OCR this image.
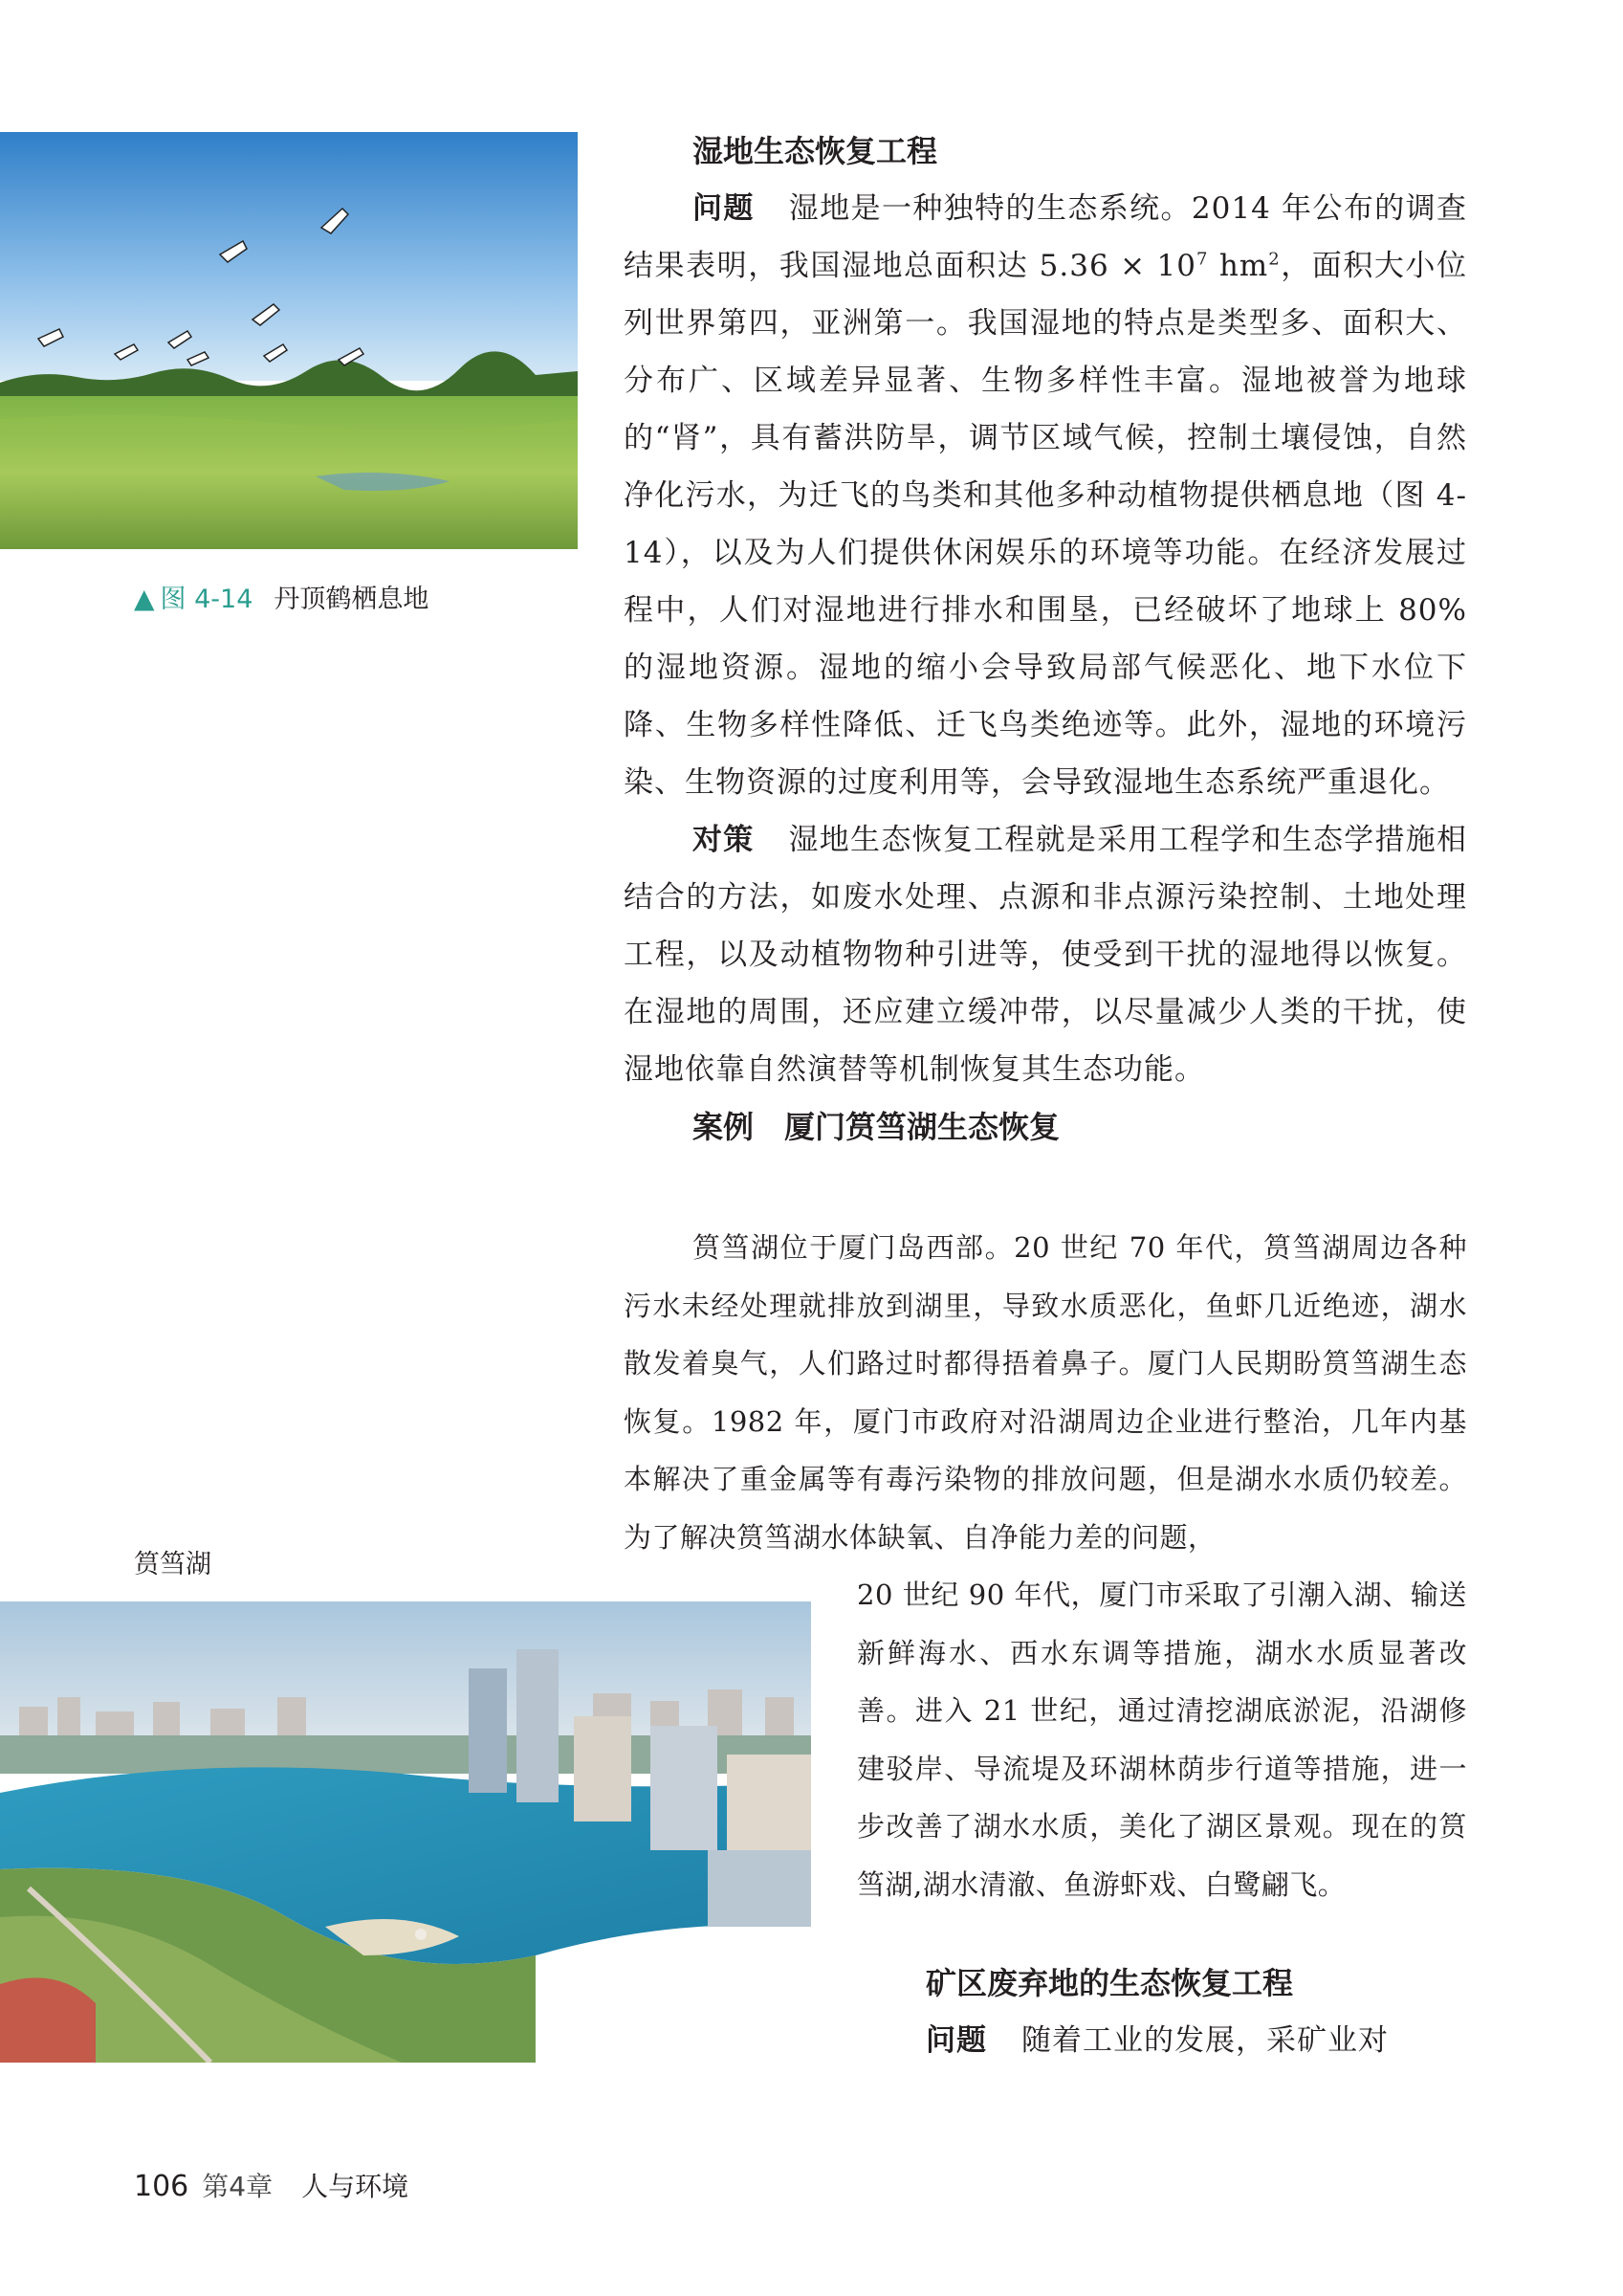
▲ 图 4-14 丹顶鹤栖息地
湿地生态恢复工程

问题 湿地是一种独特的生态系统。2014 年公布的调查结果表明，我国湿地总面积达 $5.36 \times 10^7$ $hm^2$，面积大小位列世界第四，亚洲第一。我国湿地的特点是类型多、面积大、分布广、区域差异显著、生物多样性丰富。湿地被誉为地球的“肾”，具有蓄洪防旱，调节区域气候，控制土壤侵蚀，自然净化污水，为迁飞的鸟类和其他多种动植物提供栖息地（图 4-14），以及为人们提供休闲娱乐的环境等功能。在经济发展过程中，人们对湿地进行排水和围垦，已经破坏了地球上 80% 的湿地资源。湿地的缩小会导致局部气候恶化、地下水位下降、生物多样性降低、迁飞鸟类绝迹等。此外，湿地的环境污染、生物资源的过度利用等，会导致湿地生态系统严重退化。

对策 湿地生态恢复工程就是采用工程学和生态学措施相结合的方法，如废水处理、点源和非点源污染控制、土地处理工程，以及动植物物种引进等，使受到干扰的湿地得以恢复。在湿地的周围，还应建立缓冲带，以尽量减少人类的干扰，使湿地依靠自然演替等机制恢复其生态功能。

案例　厦门筼筜湖生态恢复

筼筜湖位于厦门岛西部。20 世纪 70 年代，筼筜湖周边各种污水未经处理就排放到湖里，导致水质恶化，鱼虾几近绝迹，湖水散发着臭气，人们路过时都得捂着鼻子。厦门人民期盼筼筜湖生态恢复。1982 年，厦门市政府对沿湖周边企业进行整治，几年内基本解决了重金属等有毒污染物的排放问题，但是湖水水质仍较差。为了解决筼筜湖水体缺氧、自净能力差的问题，

筼筜湖

20 世纪 90 年代，厦门市采取了引潮入湖、输送新鲜海水、西水东调等措施，湖水水质显著改善。进入 21 世纪，通过清挖湖底淤泥，沿湖修建驳岸、导流堤及环湖林荫步行道等措施，进一步改善了湖水水质，美化了湖区景观。现在的筼筜湖,湖水清澈、鱼游虾戏、白鹭翩飞。

矿区废弃地的生态恢复工程

问题 随着工业的发展，采矿业对

106 第4章 人与环境
